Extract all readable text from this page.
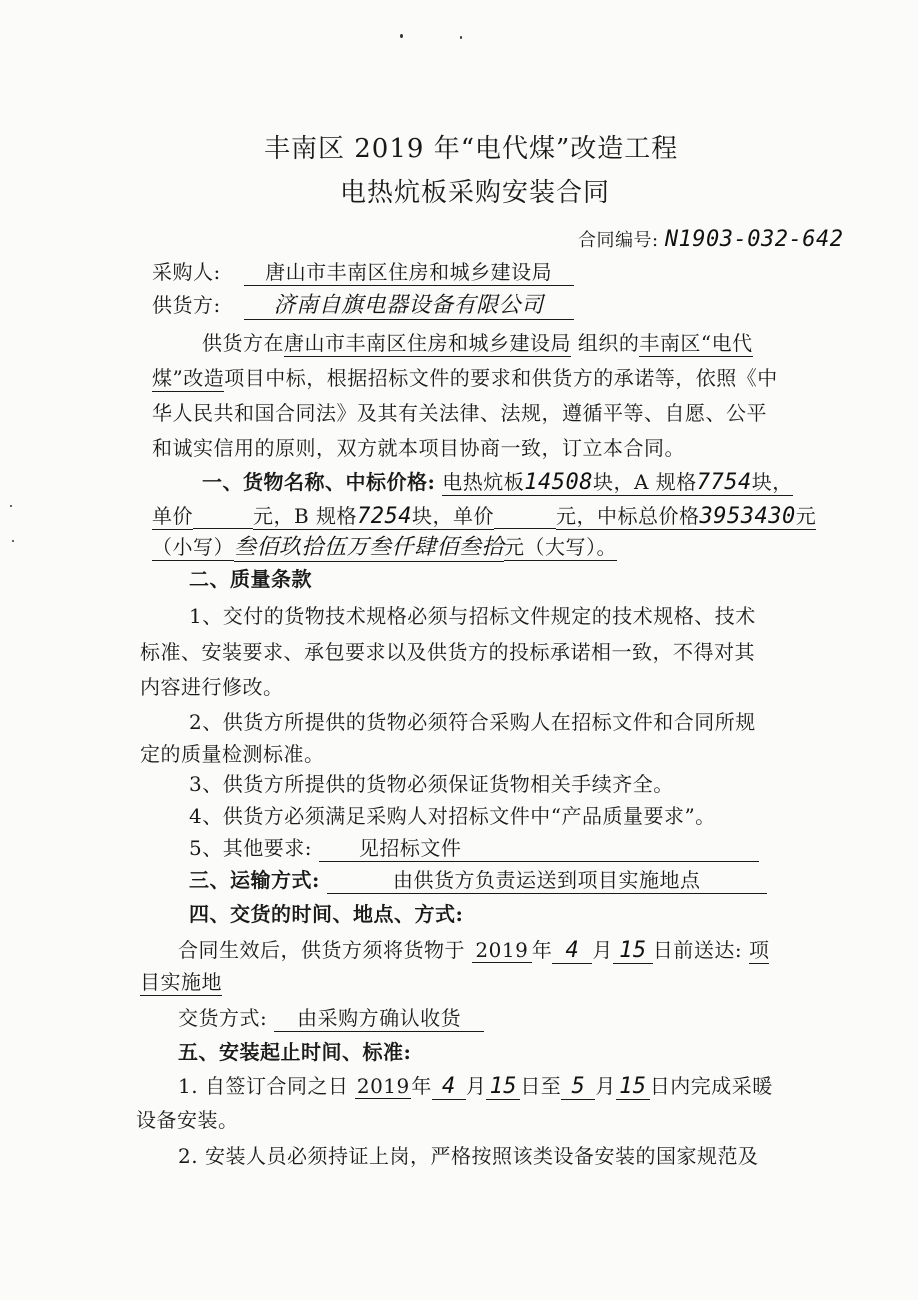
丰南区 2019 年“电代煤”改造工程
电热炕板采购安装合同
合同编号: N1903-032-642
采购人: 唐山市丰南区住房和城乡建设局
供货方: 济南自旗电器设备有限公司
供货方在唐山市丰南区住房和城乡建设局 组织的丰南区“电代
煤”改造项目中标，根据招标文件的要求和供货方的承诺等，依照《中
华人民共和国合同法》及其有关法律、法规，遵循平等、自愿、公平
和诚实信用的原则，双方就本项目协商一致，订立本合同。
一、货物名称、中标价格: 电热炕板14508块，A 规格7754块，
单价	元，B 规格7254块，单价	元，中标总价格3953430元
（小写）叁佰玖拾伍万叁仟肆佰叁拾元（大写）。
二、质量条款
1、交付的货物技术规格必须与招标文件规定的技术规格、技术
标准、安装要求、承包要求以及供货方的投标承诺相一致，不得对其
内容进行修改。
2、供货方所提供的货物必须符合采购人在招标文件和合同所规
定的质量检测标准。
3、供货方所提供的货物必须保证货物相关手续齐全。
4、供货方必须满足采购人对招标文件中“产品质量要求”。
5、其他要求: 见招标文件
三、运输方式:	由供货方负责运送到项目实施地点
四、交货的时间、地点、方式:
合同生效后，供货方须将货物于 2019 年 4 月 15 日前送达: 项
目实施地
交货方式: 由采购方确认收货
五、安装起止时间、标准:
1. 自签订合同之日 2019年 4 月 15 日至 5 月 15 日内完成采暖
设备安装。
2. 安装人员必须持证上岗，严格按照该类设备安装的国家规范及
